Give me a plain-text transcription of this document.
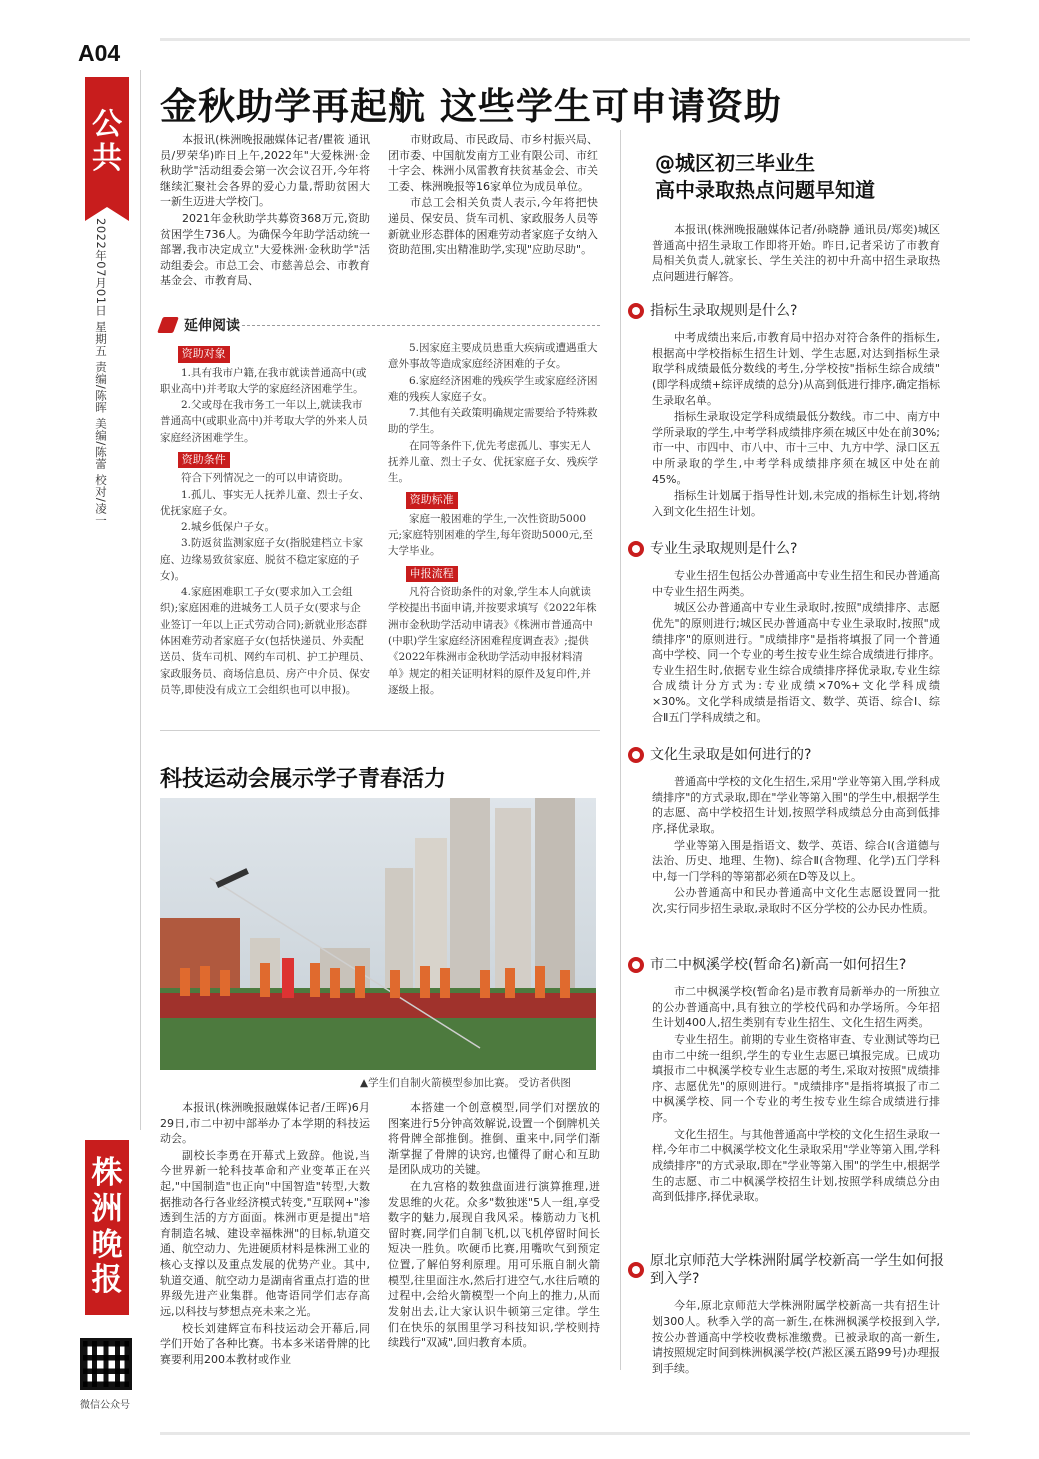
A04
公
共
2022年07月01日 星期五 责编/陈晖 美编/陈蕾 校对/凌一
株
洲
晚
报
微信公众号
金秋助学再起航 这些学生可申请资助

本报讯(株洲晚报融媒体记者/瞿筱 通讯员/罗荣华)昨日上午,2022年"大爱株洲·金秋助学"活动组委会第一次会议召开,今年将继续汇聚社会各界的爱心力量,帮助贫困大一新生迈进大学校门。

2021年金秋助学共募资368万元,资助贫困学生736人。为确保今年助学活动统一部署,我市决定成立"大爱株洲·金秋助学"活动组委会。市总工会、市慈善总会、市教育基金会、市教育局、

市财政局、市民政局、市乡村振兴局、团市委、中国航发南方工业有限公司、市红十字会、株洲小凤雷教育扶贫基金会、市关工委、株洲晚报等16家单位为成员单位。

市总工会相关负责人表示,今年将把快递员、保安员、货车司机、家政服务人员等新就业形态群体的困难劳动者家庭子女纳入资助范围,实出精准助学,实现"应助尽助"。

延伸阅读
资助对象

1.具有我市户籍,在我市就读普通高中(或职业高中)并考取大学的家庭经济困难学生。

2.父或母在我市务工一年以上,就读我市普通高中(或职业高中)并考取大学的外来人员家庭经济困难学生。

资助条件

符合下列情况之一的可以申请资助。

1.孤儿、事实无人抚养儿童、烈士子女、优抚家庭子女。

2.城乡低保户子女。

3.防返贫监测家庭子女(指脱建档立卡家庭、边缘易致贫家庭、脱贫不稳定家庭的子女)。

4.家庭困难职工子女(要求加入工会组织);家庭困难的进城务工人员子女(要求与企业签订一年以上正式劳动合同);新就业形态群体困难劳动者家庭子女(包括快递员、外卖配送员、货车司机、网约车司机、护工护理员、家政服务员、商场信息员、房产中介员、保安员等,即使没有成立工会组织也可以申报)。

5.因家庭主要成员患重大疾病或遭遇重大意外事故等造成家庭经济困难的子女。

6.家庭经济困难的残疾学生或家庭经济困难的残疾人家庭子女。

7.其他有关政策明确规定需要给予特殊救助的学生。

在同等条件下,优先考虑孤儿、事实无人抚养儿童、烈士子女、优抚家庭子女、残疾学生。

资助标准

家庭一般困难的学生,一次性资助5000元;家庭特别困难的学生,每年资助5000元,至大学毕业。

申报流程

凡符合资助条件的对象,学生本人向就读学校提出书面申请,并按要求填写《2022年株洲市金秋助学活动申请表》《株洲市普通高中(中职)学生家庭经济困难程度调查表》;提供《2022年株洲市金秋助学活动申报材料清单》规定的相关证明材料的原件及复印件,并逐级上报。

科技运动会展示学子青春活力
▲学生们自制火箭模型参加比赛。 受访者供图

本报讯(株洲晚报融媒体记者/王晖)6月29日,市二中初中部举办了本学期的科技运动会。

副校长李勇在开幕式上致辞。他说,当今世界新一轮科技革命和产业变革正在兴起,"中国制造"也正向"中国智造"转型,大数据推动各行各业经济模式转变,"互联网+"渗透到生活的方方面面。株洲市更是提出"培育制造名城、建设幸福株洲"的目标,轨道交通、航空动力、先进硬质材料是株洲工业的核心支撑以及重点发展的优势产业。其中,轨道交通、航空动力是湖南省重点打造的世界级先进产业集群。他寄语同学们志存高远,以科技与梦想点亮未来之光。

校长刘建辉宣布科技运动会开幕后,同学们开始了各种比赛。书本多米诺骨牌的比赛要利用200本教材或作业

本搭建一个创意模型,同学们对摆放的图案进行5分钟高效解说,设置一个倒牌机关将骨牌全部推倒。推倒、重来中,同学们渐渐掌握了骨牌的诀窍,也懂得了耐心和互助是团队成功的关键。

在九宫格的数独盘面进行演算推理,迸发思维的火花。众多"数独迷"5人一组,享受数字的魅力,展现自我风采。榛筋动力飞机留时赛,同学们自制飞机,以飞机停留时间长短决一胜负。吹硬币比赛,用嘴吹气到预定位置,了解伯努利原理。用可乐瓶自制火箭模型,往里面注水,然后打进空气,水往后喷的过程中,会给火箭模型一个向上的推力,从而发射出去,让大家认识牛顿第三定律。学生们在快乐的氛围里学习科技知识,学校则持续践行"双减",回归教育本质。

@城区初三毕业生
高中录取热点问题早知道

本报讯(株洲晚报融媒体记者/孙晓静 通讯员/郑奕)城区普通高中招生录取工作即将开始。昨日,记者采访了市教育局相关负责人,就家长、学生关注的初中升高中招生录取热点问题进行解答。

指标生录取规则是什么?

中考成绩出来后,市教育局中招办对符合条件的指标生,根据高中学校指标生招生计划、学生志愿,对达到指标生录取学科成绩最低分数线的考生,分学校按"指标生综合成绩"(即学科成绩+综评成绩的总分)从高到低进行排序,确定指标生录取名单。

指标生录取设定学科成绩最低分数线。市二中、南方中学所录取的学生,中考学科成绩排序须在城区中处在前30%;市一中、市四中、市八中、市十三中、九方中学、渌口区五中所录取的学生,中考学科成绩排序须在城区中处在前45%。

指标生计划属于指导性计划,未完成的指标生计划,将纳入到文化生招生计划。

专业生录取规则是什么?

专业生招生包括公办普通高中专业生招生和民办普通高中专业生招生两类。

城区公办普通高中专业生录取时,按照"成绩排序、志愿优先"的原则进行;城区民办普通高中专业生录取时,按照"成绩排序"的原则进行。"成绩排序"是指将填报了同一个普通高中学校、同一个专业的考生按专业生综合成绩进行排序。专业生招生时,依据专业生综合成绩排序择优录取,专业生综合成绩计分方式为:专业成绩×70%+文化学科成绩×30%。文化学科成绩是指语文、数学、英语、综合Ⅰ、综合Ⅱ五门学科成绩之和。

文化生录取是如何进行的?

普通高中学校的文化生招生,采用"学业等第入围,学科成绩排序"的方式录取,即在"学业等第入围"的学生中,根据学生的志愿、高中学校招生计划,按照学科成绩总分由高到低排序,择优录取。

学业等第入围是指语文、数学、英语、综合Ⅰ(含道德与法治、历史、地理、生物)、综合Ⅱ(含物理、化学)五门学科中,每一门学科的等第都必须在D等及以上。

公办普通高中和民办普通高中文化生志愿设置同一批次,实行同步招生录取,录取时不区分学校的公办民办性质。

市二中枫溪学校(暂命名)新高一如何招生?

市二中枫溪学校(暂命名)是市教育局新举办的一所独立的公办普通高中,具有独立的学校代码和办学场所。今年招生计划400人,招生类别有专业生招生、文化生招生两类。

专业生招生。前期的专业生资格审查、专业测试等均已由市二中统一组织,学生的专业生志愿已填报完成。已成功填报市二中枫溪学校专业生志愿的考生,采取对按照"成绩排序、志愿优先"的原则进行。"成绩排序"是指将填报了市二中枫溪学校、同一个专业的考生按专业生综合成绩进行排序。

文化生招生。与其他普通高中学校的文化生招生录取一样,今年市二中枫溪学校文化生录取采用"学业等第入围,学科成绩排序"的方式录取,即在"学业等第入围"的学生中,根据学生的志愿、市二中枫溪学校招生计划,按照学科成绩总分由高到低排序,择优录取。

原北京师范大学株洲附属学校新高一学生如何报到入学?

今年,原北京师范大学株洲附属学校新高一共有招生计划300人。秋季入学的高一新生,在株洲枫溪学校报到入学,按公办普通高中学校收费标准缴费。已被录取的高一新生,请按照规定时间到株洲枫溪学校(芦淞区溪五路99号)办理报到手续。
